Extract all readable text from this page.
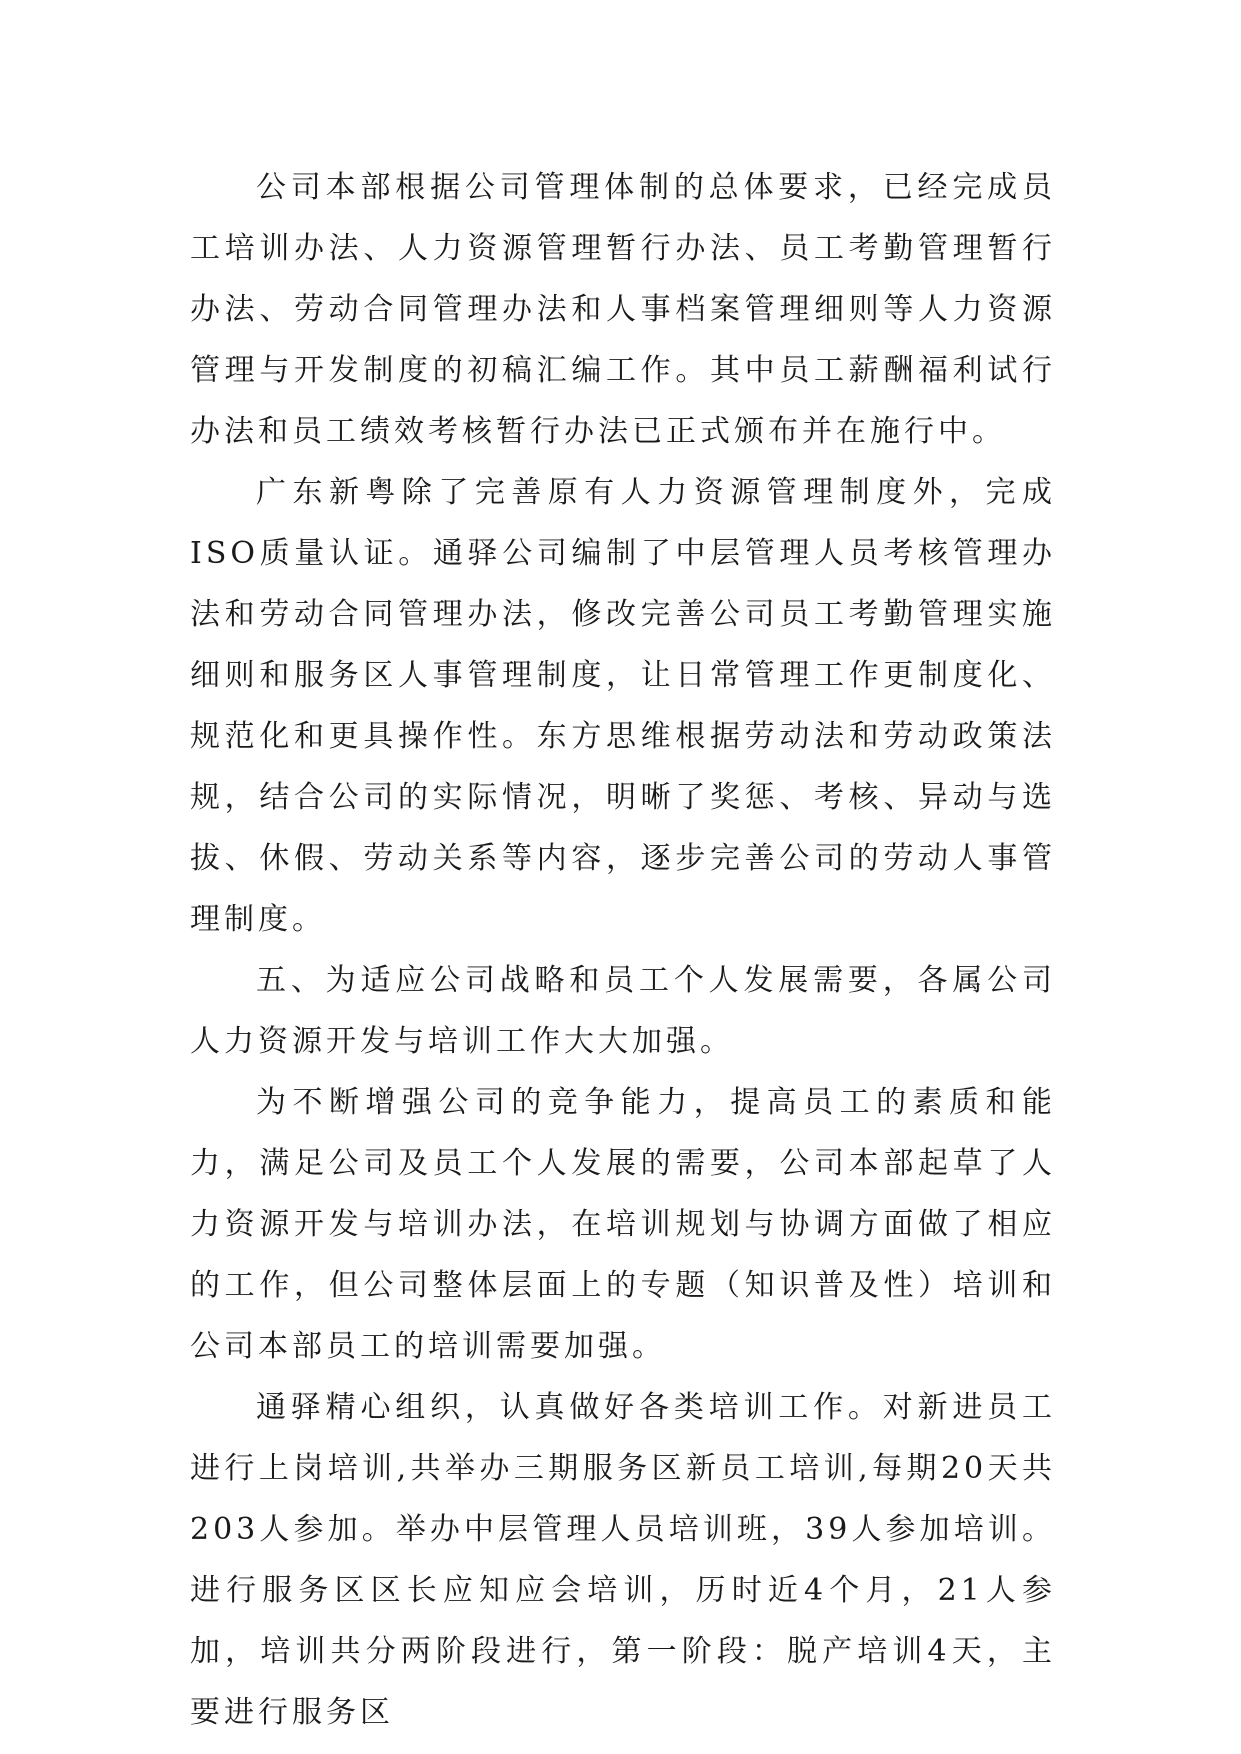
公司本部根据公司管理体制的总体要求，已经完成员工培训办法、人力资源管理暂行办法、员工考勤管理暂行办法、劳动合同管理办法和人事档案管理细则等人力资源管理与开发制度的初稿汇编工作。其中员工薪酬福利试行办法和员工绩效考核暂行办法已正式颁布并在施行中。

广东新粤除了完善原有人力资源管理制度外，完成ISO质量认证。通驿公司编制了中层管理人员考核管理办法和劳动合同管理办法，修改完善公司员工考勤管理实施细则和服务区人事管理制度，让日常管理工作更制度化、规范化和更具操作性。东方思维根据劳动法和劳动政策法规，结合公司的实际情况，明晰了奖惩、考核、异动与选拔、休假、劳动关系等内容，逐步完善公司的劳动人事管理制度。

五、为适应公司战略和员工个人发展需要，各属公司人力资源开发与培训工作大大加强。

为不断增强公司的竞争能力，提高员工的素质和能力，满足公司及员工个人发展的需要，公司本部起草了人力资源开发与培训办法，在培训规划与协调方面做了相应的工作，但公司整体层面上的专题（知识普及性）培训和公司本部员工的培训需要加强。

通驿精心组织，认真做好各类培训工作。对新进员工进行上岗培训,共举办三期服务区新员工培训,每期20天共203人参加。举办中层管理人员培训班，39人参加培训。进行服务区区长应知应会培训，历时近4个月，21人参加，培训共分两阶段进行，第一阶段：脱产培训4天，主要进行服务区
